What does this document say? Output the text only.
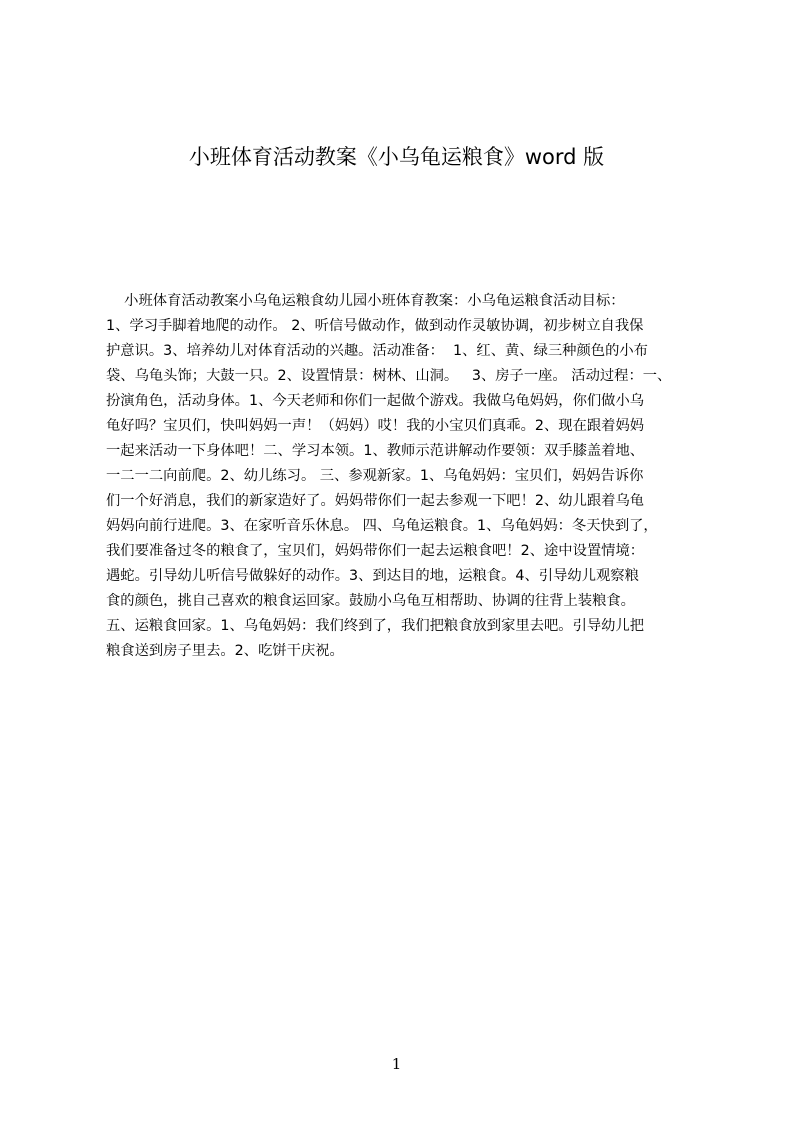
小班体育活动教案《小乌龟运粮食》word 版
小班体育活动教案小乌龟运粮食幼儿园小班体育教案：小乌龟运粮食活动目标：
1、学习手脚着地爬的动作。 2、听信号做动作，做到动作灵敏协调，初步树立自我保
护意识。3、培养幼儿对体育活动的兴趣。活动准备：  1、红、黄、绿三种颜色的小布
袋、乌龟头饰；大鼓一只。2、设置情景：树林、山洞。   3、房子一座。 活动过程：一、
扮演角色，活动身体。1、今天老师和你们一起做个游戏。我做乌龟妈妈，你们做小乌
龟好吗？宝贝们，快叫妈妈一声！（妈妈）哎！我的小宝贝们真乖。2、现在跟着妈妈
一起来活动一下身体吧！二、学习本领。1、教师示范讲解动作要领：双手膝盖着地、
一二一二向前爬。2、幼儿练习。 三、参观新家。1、乌龟妈妈：宝贝们，妈妈告诉你
们一个好消息，我们的新家造好了。妈妈带你们一起去参观一下吧！2、幼儿跟着乌龟
妈妈向前行进爬。3、在家听音乐休息。 四、乌龟运粮食。1、乌龟妈妈：冬天快到了，
我们要准备过冬的粮食了，宝贝们，妈妈带你们一起去运粮食吧！2、途中设置情境：
遇蛇。引导幼儿听信号做躲好的动作。3、到达目的地，运粮食。4、引导幼儿观察粮
食的颜色，挑自己喜欢的粮食运回家。鼓励小乌龟互相帮助、协调的往背上装粮食。
五、运粮食回家。1、乌龟妈妈：我们终到了，我们把粮食放到家里去吧。引导幼儿把
粮食送到房子里去。2、吃饼干庆祝。
1
